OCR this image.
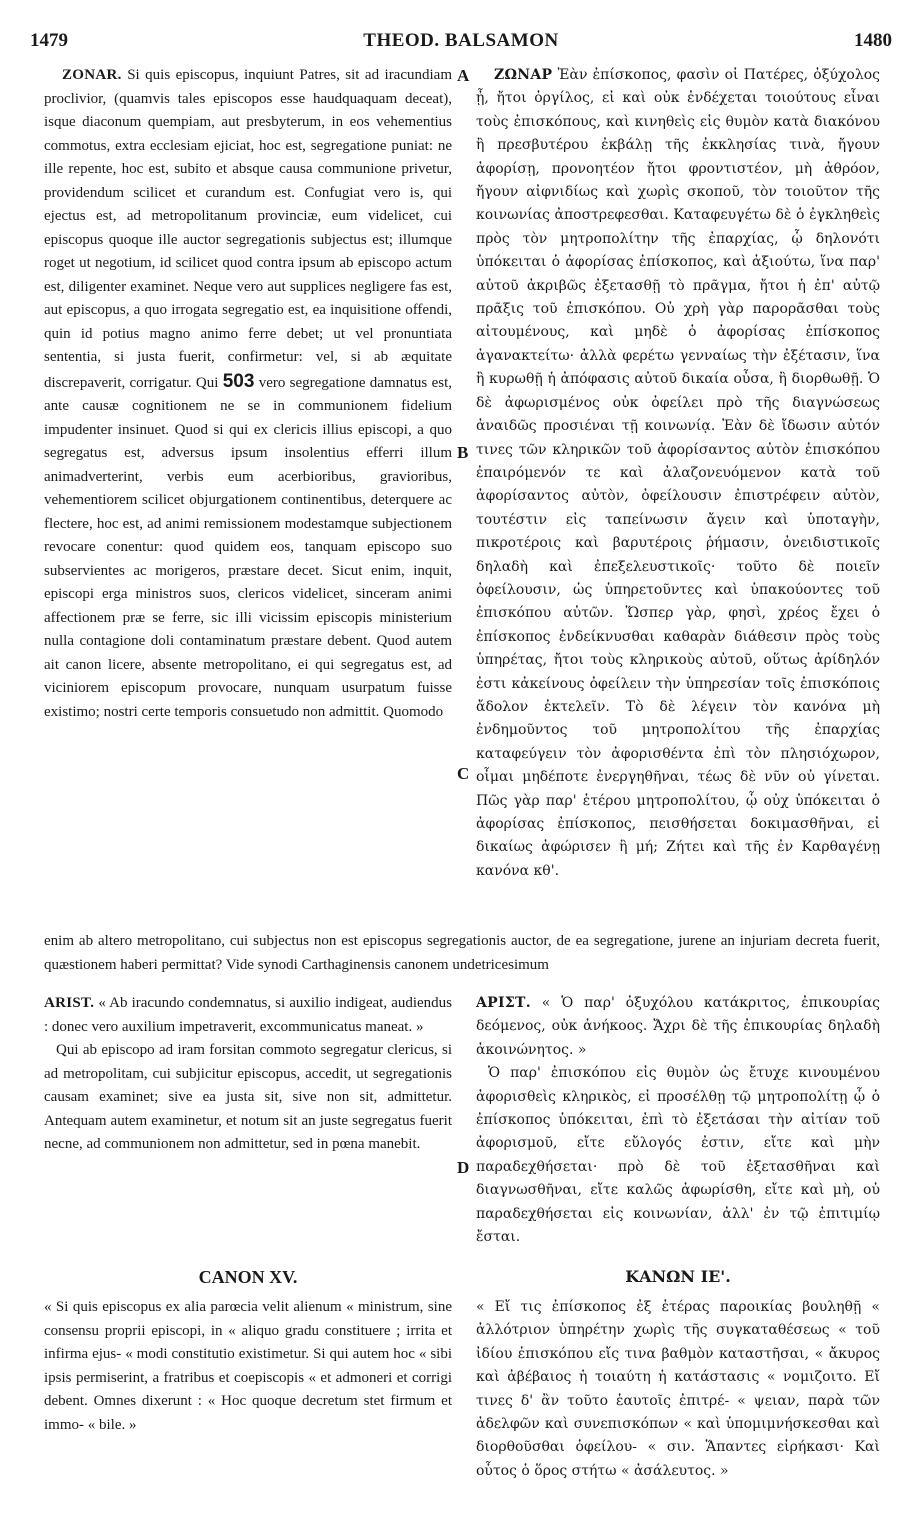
1479	THEOD. BALSAMON	1480

ZONAR. Si quis episcopus, inquiunt Patres, sit ad iracundiam proclivior, (quamvis tales episcopos esse haudquaquam deceat), isque diaconum quempiam, aut presbyterum, in eos vehementius commotus, extra ecclesiam ejiciat, hoc est, segregatione puniat: ne ille repente, hoc est, subito et absque causa communione privetur, providendum scilicet et curandum est. Confugiat vero is, qui ejectus est, ad metropolitanum provinciæ, eum videlicet, cui episcopus quoque ille auctor segregationis subjectus est; illumque roget ut negotium, id scilicet quod contra ipsum ab episcopo actum est, diligenter examinet. Neque vero aut supplices negligere fas est, aut episcopus, a quo irrogata segregatio est, ea inquisitione offendi, quin id potius magno animo ferre debet; ut vel pronuntiata sententia, si justa fuerit, confirmetur: vel, si ab æquitate discrepaverit, corrigatur. Qui 503 vero segregatione damnatus est, ante causæ cognitionem ne se in communionem fidelium impudenter insinuet. Quod si qui ex clericis illius episcopi, a quo segregatus est, adversus ipsum insolentius efferri illum animadverterint, verbis eum acerbioribus, gravioribus, vehementiorem scilicet objurgationem continentibus, deterquere ac flectere, hoc est, ad animi remissionem modestamque subjectionem revocare conentur: quod quidem eos, tanquam episcopo suo subservientes ac morigeros, præstare decet. Sicut enim, inquit, episcopi erga ministros suos, clericos videlicet, sinceram animi affectionem præ se ferre, sic illi vicissim episcopis ministerium nulla contagione doli contaminatum præstare debent. Quod autem ait canon licere, absente metropolitano, ei qui segregatus est, ad viciniorem episcopum provocare, nunquam usurpatum fuisse existimo; nostri certe temporis consuetudo non admittit. Quomodo

ΖΩΝΑΡ Ἐὰν ἐπίσκοπος, φασὶν οἱ Πατέρες, ὀξύχολος ᾖ, ἤτοι ὀργίλος, εἰ καὶ οὐκ ἐνδέχεται τοιούτους εἶναι τοὺς ἐπισκόπους, καὶ κινηθεὶς εἰς θυμὸν κατὰ διακόνου ἢ πρεσβυτέρου ἐκβάλῃ τῆς ἐκκλησίας τινὰ, ἤγουν ἀφορίσῃ, προνοητέον ἤτοι φροντιστέον, μὴ ἀθρόον, ἤγουν αἰφνιδίως καὶ χωρὶς σκοποῦ, τὸν τοιοῦτον τῆς κοινωνίας ἀποστρεφεσθαι. Καταφευγέτω δὲ ὁ ἐγκληθεὶς πρὸς τὸν μητροπολίτην τῆς ἐπαρχίας, ᾧ δηλονότι ὑπόκειται ὁ ἀφορίσας ἐπίσκοπος, καὶ ἀξιούτω, ἵνα παρ' αὐτοῦ ἀκριβῶς ἐξετασθῇ τὸ πρᾶγμα, ἤτοι ἡ ἐπ' αὐτῷ πρᾶξις τοῦ ἐπισκόπου. Οὐ χρὴ γὰρ παρορᾶσθαι τοὺς αἰτουμένους, καὶ μηδὲ ὁ ἀφορίσας ἐπίσκοπος ἀγανακτείτω· ἀλλὰ φερέτω γενναίως τὴν ἐξέτασιν, ἵνα ἢ κυρωθῇ ἡ ἀπόφασις αὐτοῦ δικαία οὖσα, ἢ διορθωθῇ. Ὁ δὲ ἀφωρισμένος οὐκ ὀφείλει πρὸ τῆς διαγνώσεως ἀναιδῶς προσιέναι τῇ κοινωνίᾳ. Ἐὰν δὲ ἴδωσιν αὐτόν τινες τῶν κληρικῶν τοῦ ἀφορίσαντος αὐτὸν ἐπισκόπου ἐπαιρόμενόν τε καὶ ἀλαζονευόμενον κατὰ τοῦ ἀφορίσαντος αὐτὸν, ὀφείλουσιν ἐπιστρέφειν αὐτὸν, τουτέστιν εἰς ταπείνωσιν ἄγειν καὶ ὑποταγὴν, πικροτέροις καὶ βαρυτέροις ῥήμασιν, ὀνειδιστικοῖς δηλαδὴ καὶ ἐπεξελευστικοῖς· τοῦτο δὲ ποιεῖν ὀφείλουσιν, ὡς ὑπηρετοῦντες καὶ ὑπακούοντες τοῦ ἐπισκόπου αὐτῶν. Ὥσπερ γὰρ, φησὶ, χρέος ἔχει ὁ ἐπίσκοπος ἐνδείκνυσθαι καθαρὰν διάθεσιν πρὸς τοὺς ὑπηρέτας, ἤτοι τοὺς κληρικοὺς αὐτοῦ, οὕτως ἀρίδηλόν ἐστι κἀκείνους ὀφείλειν τὴν ὑπηρεσίαν τοῖς ἐπισκόποις ἄδολον ἐκτελεῖν. Τὸ δὲ λέγειν τὸν κανόνα μὴ ἐνδημοῦντος τοῦ μητροπολίτου τῆς ἐπαρχίας καταφεύγειν τὸν ἀφορισθέντα ἐπὶ τὸν πλησιόχωρον, οἶμαι μηδέποτε ἐνεργηθῆναι, τέως δὲ νῦν οὐ γίνεται. Πῶς γὰρ παρ' ἑτέρου μητροπολίτου, ᾧ οὐχ ὑπόκειται ὁ ἀφορίσας ἐπίσκοπος, πεισθήσεται δοκιμασθῆναι, εἰ δικαίως ἀφώρισεν ἢ μή; Ζήτει καὶ τῆς ἐν Καρθαγένῃ κανόνα κθ'.

A
B
C
D

enim ab altero metropolitano, cui subjectus non est episcopus segregationis auctor, de ea segregatione, jurene an injuriam decreta fuerit, quæstionem haberi permittat? Vide synodi Carthaginensis canonem undetricesimum

ARIST. « Ab iracundo condemnatus, si auxilio indigeat, audiendus : donec vero auxilium impetraverit, excommunicatus maneat. »

Qui ab episcopo ad iram forsitan commoto segregatur clericus, si ad metropolitam, cui subjicitur episcopus, accedit, ut segregationis causam examinet; sive ea justa sit, sive non sit, admittetur. Antequam autem examinetur, et notum sit an juste segregatus fuerit necne, ad communionem non admittetur, sed in pœna manebit.

ΑΡΙΣΤ. « Ὁ παρ' ὀξυχόλου κατάκριτος, ἐπικουρίας δεόμενος, οὐκ ἀνήκοος. Ἄχρι δὲ τῆς ἐπικουρίας δηλαδὴ ἀκοινώνητος. »

Ὁ παρ' ἐπισκόπου εἰς θυμὸν ὡς ἔτυχε κινουμένου ἀφορισθεὶς κληρικὸς, εἰ προσέλθῃ τῷ μητροπολίτῃ ᾧ ὁ ἐπίσκοπος ὑπόκειται, ἐπὶ τὸ ἐξετάσαι τὴν αἰτίαν τοῦ ἀφορισμοῦ, εἴτε εὔλογός ἐστιν, εἴτε καὶ μὴν παραδεχθήσεται· πρὸ δὲ τοῦ ἐξετασθῆναι καὶ διαγνωσθῆναι, εἴτε καλῶς ἀφωρίσθη, εἴτε καὶ μὴ, οὐ παραδεχθήσεται εἰς κοινωνίαν, ἀλλ' ἐν τῷ ἐπιτιμίῳ ἔσται.

CANON XV.	ΚΑΝΩΝ ΙΕ'.

« Si quis episcopus ex alia parœcia velit alienum « ministrum, sine consensu proprii episcopi, in « aliquo gradu constituere ; irrita et infirma ejus- « modi constitutio existimetur. Si qui autem hoc « sibi ipsis permiserint, a fratribus et coepiscopis « et admoneri et corrigi debent. Omnes dixerunt : « Hoc quoque decretum stet firmum et immo- « bile. »

« Εἴ τις ἐπίσκοπος ἐξ ἑτέρας παροικίας βουληθῇ « ἀλλότριον ὑπηρέτην χωρὶς τῆς συγκαταθέσεως « τοῦ ἰδίου ἐπισκόπου εἴς τινα βαθμὸν καταστῆσαι, « ἄκυρος καὶ ἀβέβαιος ἡ τοιαύτη ἡ κατάστασις « νομιζοιτο. Εἴ τινες δ' ἂν τοῦτο ἑαυτοῖς ἐπιτρέ- « ψειαν, παρὰ τῶν ἀδελφῶν καὶ συνεπισκόπων « καὶ ὑπομιμνήσκεσθαι καὶ διορθοῦσθαι ὀφείλου- « σιν. Ἅπαντες εἰρήκασι· Καὶ οὗτος ὁ ὅρος στήτω « ἀσάλευτος. »
